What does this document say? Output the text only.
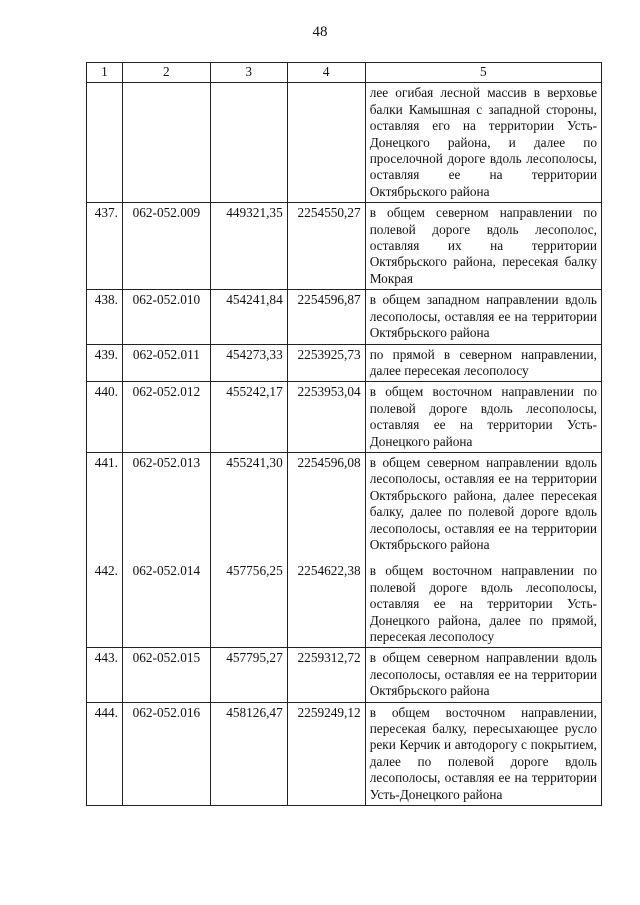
48
1	2	3	4	5
				лее огибая лесной массив в верховье балки Камышная с западной стороны, оставляя его на территории Усть-Донецкого района, и далее по проселочной дороге вдоль лесополосы, оставляя ее на территории Октябрьского района
437.	062-052.009	449321,35	2254550,27	в общем северном направлении по полевой дороге вдоль лесополос, оставляя их на территории Октябрьского района, пересекая балку Мокрая
438.	062-052.010	454241,84	2254596,87	в общем западном направлении вдоль лесополосы, оставляя ее на территории Октябрьского района
439.	062-052.011	454273,33	2253925,73	по прямой в северном направлении, далее пересекая лесополосу
440.	062-052.012	455242,17	2253953,04	в общем восточном направлении по полевой дороге вдоль лесополосы, оставляя ее на территории Усть-Донецкого района
441.	062-052.013	455241,30	2254596,08	в общем северном направлении вдоль лесополосы, оставляя ее на территории Октябрьского района, далее пересекая балку, далее по полевой дороге вдоль лесополосы, оставляя ее на территории Октябрьского района
442.	062-052.014	457756,25	2254622,38	в общем восточном направлении по полевой дороге вдоль лесополосы, оставляя ее на территории Усть-Донецкого района, далее по прямой, пересекая лесополосу
443.	062-052.015	457795,27	2259312,72	в общем северном направлении вдоль лесополосы, оставляя ее на территории Октябрьского района
444.	062-052.016	458126,47	2259249,12	в общем восточном направлении, пересекая балку, пересыхающее русло реки Керчик и автодорогу с покрытием, далее по полевой дороге вдоль лесополосы, оставляя ее на территории Усть-Донецкого района
